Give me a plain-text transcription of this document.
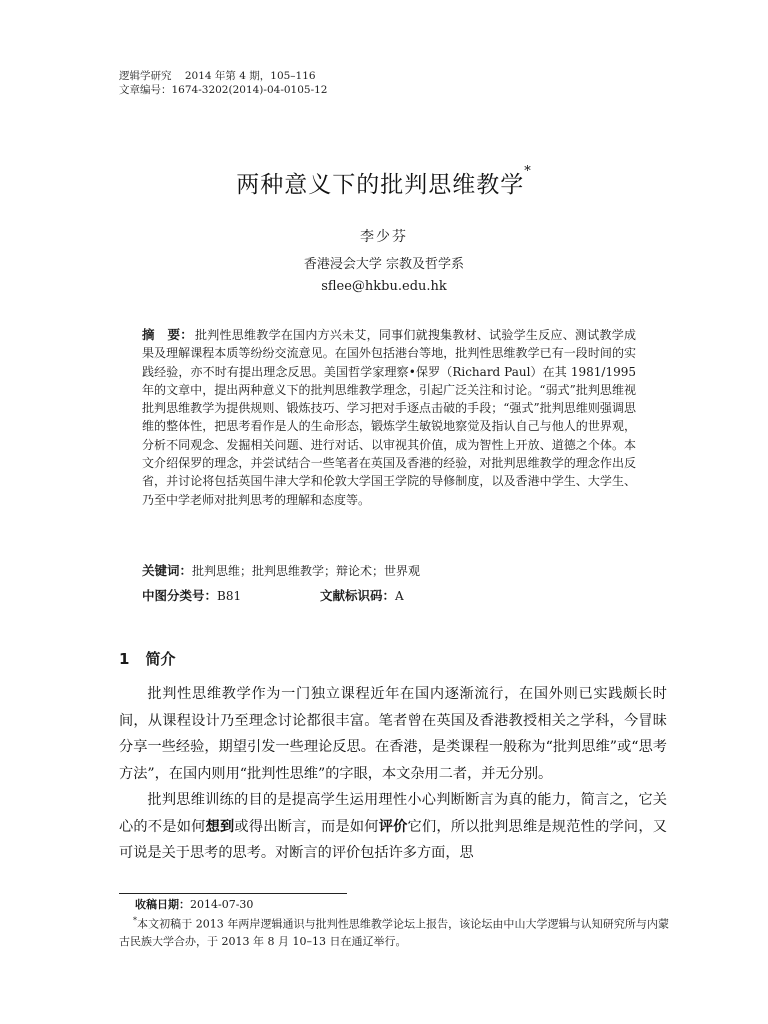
逻辑学研究    2014 年第 4 期，105–116
文章编号：1674-3202(2014)-04-0105-12
两种意义下的批判思维教学*
李少芬
香港浸会大学 宗教及哲学系
sflee@hkbu.edu.hk
摘　要： 批判性思维教学在国内方兴未艾，同事们就搜集教材、试验学生反应、测试教学成果及理解课程本质等纷纷交流意见。在国外包括港台等地，批判性思维教学已有一段时间的实践经验，亦不时有提出理念反思。美国哲学家理察•保罗（Richard Paul）在其 1981/1995 年的文章中，提出两种意义下的批判思维教学理念，引起广泛关注和讨论。“弱式”批判思维视批判思维教学为提供规则、锻炼技巧、学习把对手逐点击破的手段；“强式”批判思维则强调思维的整体性，把思考看作是人的生命形态，锻炼学生敏锐地察觉及指认自己与他人的世界观，分析不同观念、发掘相关问题、进行对话、以审视其价值，成为智性上开放、道德之个体。本文介绍保罗的理念，并尝试结合一些笔者在英国及香港的经验，对批判思维教学的理念作出反省，并讨论将包括英国牛津大学和伦敦大学国王学院的导修制度，以及香港中学生、大学生、乃至中学老师对批判思考的理解和态度等。
关键词：批判思维；批判思维教学；辩论术；世界观
中图分类号：B81	文献标识码：A
1 简介

批判性思维教学作为一门独立课程近年在国内逐渐流行，在国外则已实践颇长时间，从课程设计乃至理念讨论都很丰富。笔者曾在英国及香港教授相关之学科，今冒昧分享一些经验，期望引发一些理论反思。在香港，是类课程一般称为“批判思维”或“思考方法”，在国内则用“批判性思维”的字眼，本文杂用二者，并无分别。

批判思维训练的目的是提高学生运用理性小心判断断言为真的能力，简言之，它关心的不是如何想到或得出断言，而是如何评价它们，所以批判思维是规范性的学问，又可说是关于思考的思考。对断言的评价包括许多方面，思

收稿日期：2014-07-30
*本文初稿于 2013 年两岸逻辑通识与批判性思维教学论坛上报告，该论坛由中山大学逻辑与认知研究所与内蒙古民族大学合办，于 2013 年 8 月 10–13 日在通辽举行。
